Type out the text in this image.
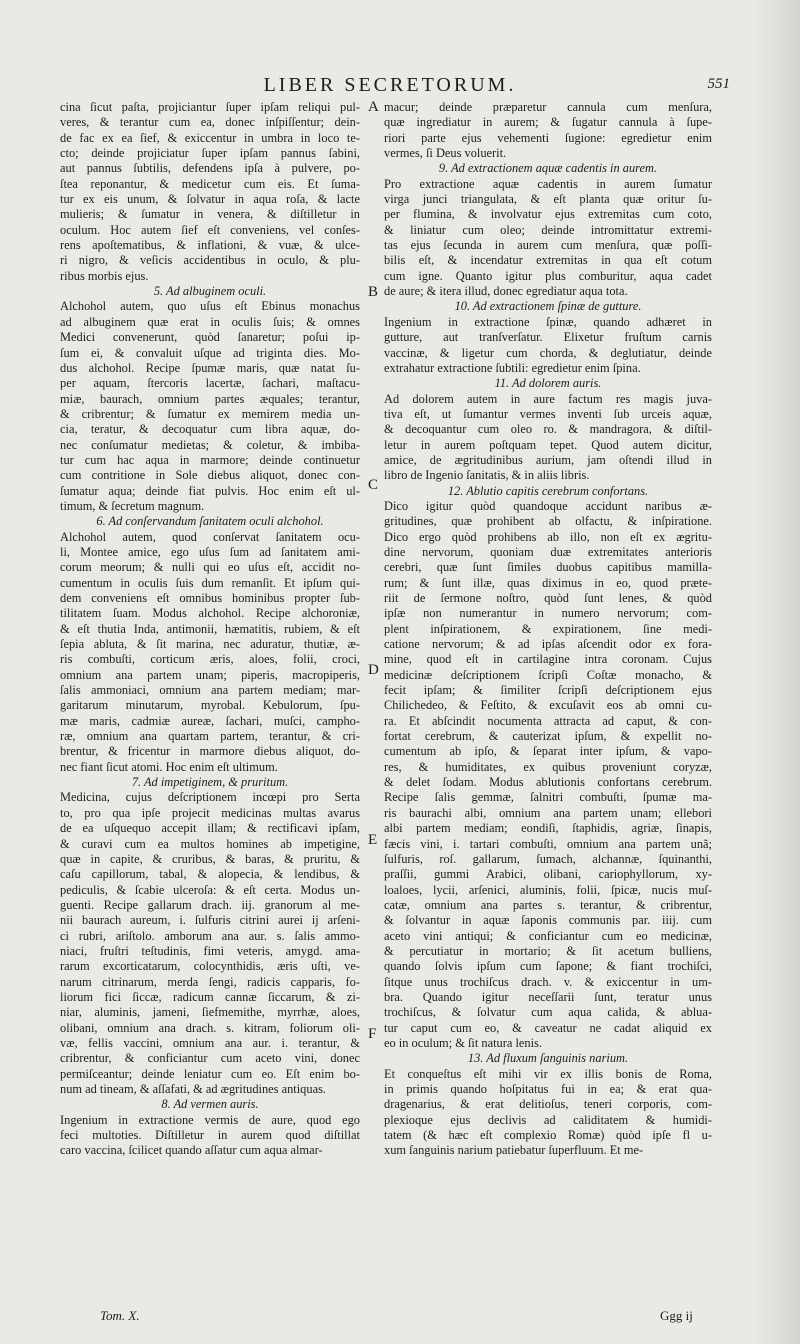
LIBER SECRETORUM.	551
cina ſicut paſta, projiciantur ſuper ipſam reliqui pul-
veres, & terantur cum ea, donec inſpiſſentur; dein-
de fac ex ea ſief, & exiccentur in umbra in loco te-
cto; deinde projiciatur ſuper ipſam pannus ſabini,
aut pannus ſubtilis, defendens ipſa à pulvere, po-
ſtea reponantur, & medicetur cum eis. Et ſuma-
tur ex eis unum, & ſolvatur in aqua roſa, & lacte
mulieris; & ſumatur in venera, & diſtilletur in
oculum. Hoc autem ſief eſt conveniens, vel conſes-
rens apoſtematibus, & inflationi, & vuæ, & ulce-
ri nigro, & veſicis accidentibus in oculo, & plu-
ribus morbis ejus.
5. Ad albuginem oculi.
Alchohol autem, quo uſus eſt Ebinus monachus
ad albuginem quæ erat in oculis ſuis; & omnes
Medici convenerunt, quòd ſanaretur; poſui ip-
ſum ei, & convaluit uſque ad triginta dies. Mo-
dus alchohol. Recipe ſpumæ maris, quæ natat ſu-
per aquam, ſtercoris lacertæ, ſachari, maſtacu-
miæ, baurach, omnium partes æquales; terantur,
& cribrentur; & ſumatur ex memirem media un-
cia, teratur, & decoquatur cum libra aquæ, do-
nec conſumatur medietas; & coletur, & imbiba-
tur cum hac aqua in marmore; deinde continuetur
cum contritione in Sole diebus aliquot, donec con-
ſumatur aqua; deinde fiat pulvis. Hoc enim eſt ul-
timum, & ſecretum magnum.
6. Ad conſervandum ſanitatem oculi alchohol.
Alchohol autem, quod conſervat ſanitatem ocu-
li, Montee amice, ego uſus ſum ad ſanitatem ami-
corum meorum; & nulli qui eo uſus eſt, accidit no-
cumentum in oculis ſuis dum remanſit. Et ipſum qui-
dem conveniens eſt omnibus hominibus propter ſub-
tilitatem ſuam. Modus alchohol. Recipe alchoroniæ,
& eſt thutia Inda, antimonii, hæmatitis, rubiem, & eſt
ſepia abluta, & ſit marina, nec aduratur, thutiæ, æ-
ris combuſti, corticum æris, aloes, folii, croci,
omnium ana partem unam; piperis, macropiperis,
ſalis ammoniaci, omnium ana partem mediam; mar-
garitarum minutarum, myrobal. Kebulorum, ſpu-
mæ maris, cadmiæ aureæ, ſachari, muſci, campho-
ræ, omnium ana quartam partem, terantur, & cri-
brentur, & fricentur in marmore diebus aliquot, do-
nec fiant ſicut atomi. Hoc enim eſt ultimum.
7. Ad impetiginem, & pruritum.
Medicina, cujus deſcriptionem incœpi pro Serta
to, pro qua ipſe projecit medicinas multas avarus
de ea uſquequo accepit illam; & rectificavi ipſam,
& curavi cum ea multos homines ab impetigine,
quæ in capite, & cruribus, & baras, & pruritu, &
caſu capillorum, tabal, & alopecia, & lendibus, &
pediculis, & ſcabie ulceroſa: & eſt certa. Modus un-
guenti. Recipe gallarum drach. iij. granorum al me-
nii baurach aureum, i. ſulfuris citrini aurei ij arſeni-
ci rubri, ariſtolo. amborum ana aur. s. ſalis ammo-
niaci, fruſtri teſtudinis, fimi veteris, amygd. ama-
rarum excorticatarum, colocynthidis, æris uſti, ve-
narum citrinarum, merda ſengi, radicis capparis, fo-
liorum fici ſiccæ, radicum cannæ ſiccarum, & zi-
niar, aluminis, jameni, ſiefmemithe, myrrhæ, aloes,
olibani, omnium ana drach. s. kitram, foliorum oli-
væ, fellis vaccini, omnium ana aur. i. terantur, &
cribrentur, & conficiantur cum aceto vini, donec
permiſceantur; deinde leniatur cum eo. Eſt enim bo-
num ad tineam, & aſſafati, & ad ægritudines antiquas.
8. Ad vermen auris.
Ingenium in extractione vermis de aure, quod ego
feci multoties. Diſtilletur in aurem quod diſtillat
caro vaccina, ſcilicet quando aſſatur cum aqua almar-
macur; deinde præparetur cannula cum menſura,
quæ ingrediatur in aurem; & ſugatur cannula à ſupe-
riori parte ejus vehementi ſugione: egredietur enim
vermes, ſi Deus voluerit.
9. Ad extractionem aquæ cadentis in aurem.
Pro extractione aquæ cadentis in aurem ſumatur
virga junci triangulata, & eſt planta quæ oritur ſu-
per flumina, & involvatur ejus extremitas cum coto,
& liniatur cum oleo; deinde intromittatur extremi-
tas ejus ſecunda in aurem cum menſura, quæ poſſi-
bilis eſt, & incendatur extremitas in qua eſt cotum
cum igne. Quanto igitur plus comburitur, aqua cadet
de aure; & itera illud, donec egrediatur aqua tota.
10. Ad extractionem ſpinæ de gutture.
Ingenium in extractione ſpinæ, quando adhæret in
gutture, aut tranſverſatur. Elixetur fruſtum carnis
vaccinæ, & ligetur cum chorda, & deglutiatur, deinde
extrahatur extractione ſubtili: egredietur enim ſpina.
11. Ad dolorem auris.
Ad dolorem autem in aure factum res magis juva-
tiva eſt, ut ſumantur vermes inventi ſub urceis aquæ,
& decoquantur cum oleo ro. & mandragora, & diſtil-
letur in aurem poſtquam tepet. Quod autem dicitur,
amice, de ægritudinibus aurium, jam oſtendi illud in
libro de Ingenio ſanitatis, & in aliis libris.
12. Ablutio capitis cerebrum confortans.
Dico igitur quòd quandoque accidunt naribus æ-
gritudines, quæ prohibent ab olfactu, & inſpiratione.
Dico ergo quòd prohibens ab illo, non eſt ex ægritu-
dine nervorum, quoniam duæ extremitates anterioris
cerebri, quæ ſunt ſimiles duobus capitibus mamilla-
rum; & ſunt illæ, quas diximus in eo, quod præte-
riit de ſermone noſtro, quòd ſunt lenes, & quòd
ipſæ non numerantur in numero nervorum; com-
plent inſpirationem, & expirationem, ſine medi-
catione nervorum; & ad ipſas aſcendit odor ex fora-
mine, quod eſt in cartilagine intra coronam. Cujus
medicinæ deſcriptionem ſcripſi Coſtæ monacho, &
fecit ipſam; & ſimiliter ſcripſi deſcriptionem ejus
Chilichedeo, & Feſtito, & excuſavit eos ab omni cu-
ra. Et abſcindit nocumenta attracta ad caput, & con-
fortat cerebrum, & cauterizat ipſum, & expellit no-
cumentum ab ipſo, & ſeparat inter ipſum, & vapo-
res, & humiditates, ex quibus proveniunt coryzæ,
& delet ſodam. Modus ablutionis confortans cerebrum.
Recipe ſalis gemmæ, ſalnitri combuſti, ſpumæ ma-
ris baurachi albi, omnium ana partem unam; ellebori
albi partem mediam; eondiſi, ſtaphidis, agriæ, ſinapis,
fæcis vini, i. tartari combuſti, omnium ana partem unã;
ſulfuris, roſ. gallarum, ſumach, alchannæ, ſquinanthi,
praſſii, gummi Arabici, olibani, cariophyllorum, xy-
loaloes, lycii, arſenici, aluminis, folii, ſpicæ, nucis muſ-
catæ, omnium ana partes s. terantur, & cribrentur,
& ſolvantur in aquæ ſaponis communis par. iiij. cum
aceto vini antiqui; & conficiantur cum eo medicinæ,
& percutiatur in mortario; & ſit acetum bulliens,
quando ſolvis ipſum cum ſapone; & fiant trochiſci,
ſitque unus trochiſcus drach. v. & exiccentur in um-
bra. Quando igitur neceſſarii ſunt, teratur unus
trochiſcus, & ſolvatur cum aqua calida, & ablua-
tur caput cum eo, & caveatur ne cadat aliquid ex
eo in oculum; & ſit natura lenis.
13. Ad fluxum ſanguinis narium.
Et conqueſtus eſt mihi vir ex illis bonis de Roma,
in primis quando hoſpitatus fui in ea; & erat qua-
dragenarius, & erat delitioſus, teneri corporis, com-
plexioque ejus declivis ad caliditatem & humidi-
tatem (& hæc eſt complexio Romæ) quòd ipſe fl u-
xum ſanguinis narium patiebatur ſuperfluum. Et me-
A
B
C
D
E
F
Tom. X.	Ggg ij
